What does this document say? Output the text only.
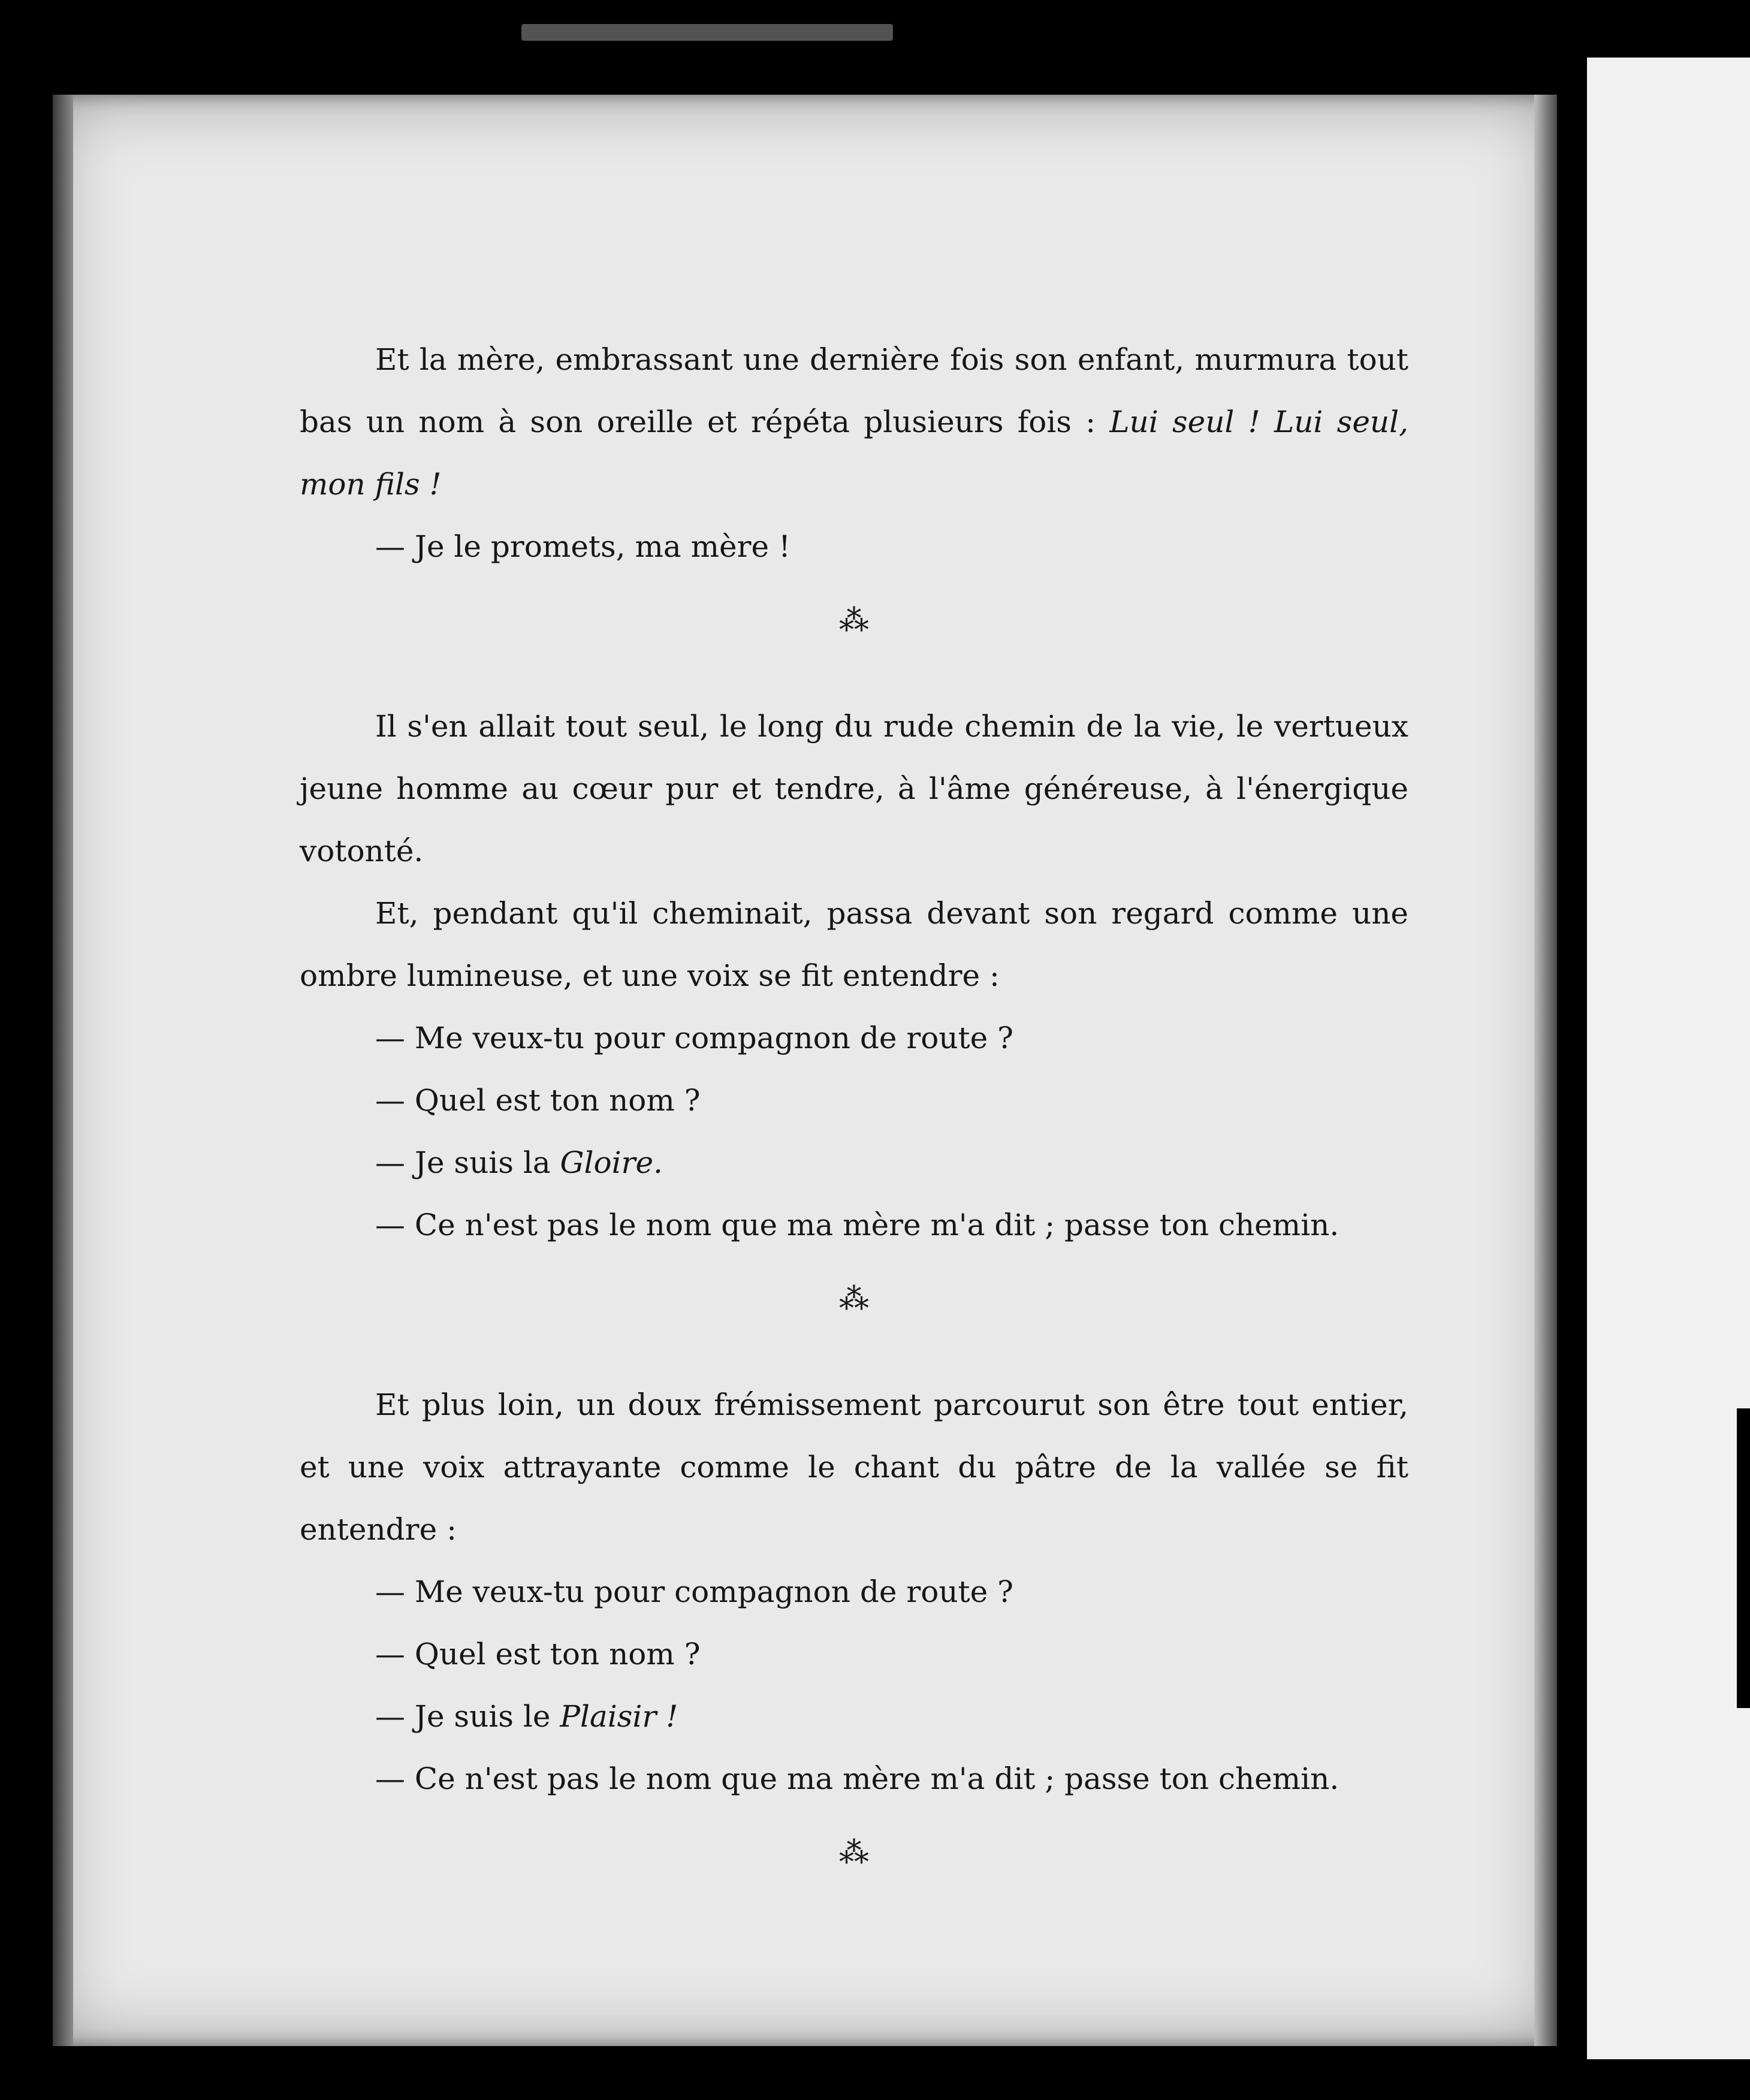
Et la mère, embrassant une dernière fois son enfant, murmura tout bas un nom à son oreille et répéta plusieurs fois : Lui seul ! Lui seul, mon fils !

— Je le promets, ma mère !

⁂

Il s'en allait tout seul, le long du rude chemin de la vie, le vertueux jeune homme au cœur pur et tendre, à l'âme généreuse, à l'énergique votonté.

Et, pendant qu'il cheminait, passa devant son regard comme une ombre lumineuse, et une voix se fit entendre :

— Me veux-tu pour compagnon de route ?

— Quel est ton nom ?

— Je suis la Gloire.

— Ce n'est pas le nom que ma mère m'a dit ; passe ton chemin.

⁂

Et plus loin, un doux frémissement parcourut son être tout entier, et une voix attrayante comme le chant du pâtre de la vallée se fit entendre :

— Me veux-tu pour compagnon de route ?

— Quel est ton nom ?

— Je suis le Plaisir !

— Ce n'est pas le nom que ma mère m'a dit ; passe ton chemin.

⁂
